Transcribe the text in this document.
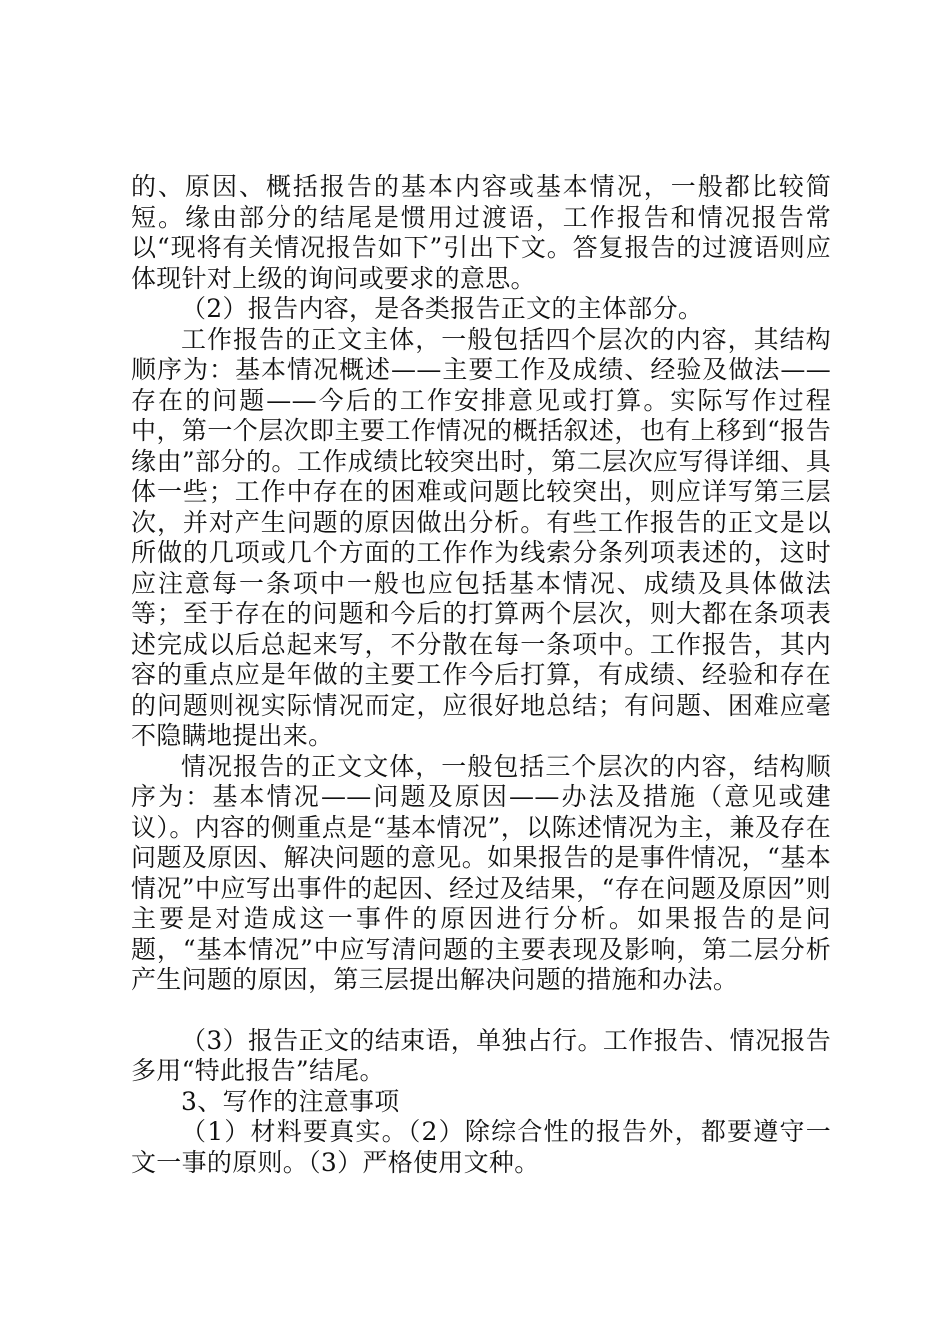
的、原因、概括报告的基本内容或基本情况，一般都比较简短。缘由部分的结尾是惯用过渡语，工作报告和情况报告常以“现将有关情况报告如下”引出下文。答复报告的过渡语则应体现针对上级的询问或要求的意思。

（2）报告内容，是各类报告正文的主体部分。

工作报告的正文主体，一般包括四个层次的内容，其结构顺序为：基本情况概述——主要工作及成绩、经验及做法——存在的问题——今后的工作安排意见或打算。实际写作过程中，第一个层次即主要工作情况的概括叙述，也有上移到“报告缘由”部分的。工作成绩比较突出时，第二层次应写得详细、具体一些；工作中存在的困难或问题比较突出，则应详写第三层次，并对产生问题的原因做出分析。有些工作报告的正文是以所做的几项或几个方面的工作作为线索分条列项表述的，这时应注意每一条项中一般也应包括基本情况、成绩及具体做法等；至于存在的问题和今后的打算两个层次，则大都在条项表述完成以后总起来写，不分散在每一条项中。工作报告，其内容的重点应是年做的主要工作今后打算，有成绩、经验和存在的问题则视实际情况而定，应很好地总结；有问题、困难应毫不隐瞒地提出来。

情况报告的正文文体，一般包括三个层次的内容，结构顺序为：基本情况——问题及原因——办法及措施（意见或建议）。内容的侧重点是“基本情况”，以陈述情况为主，兼及存在问题及原因、解决问题的意见。如果报告的是事件情况，“基本情况”中应写出事件的起因、经过及结果，“存在问题及原因”则主要是对造成这一事件的原因进行分析。如果报告的是问题，“基本情况”中应写清问题的主要表现及影响，第二层分析产生问题的原因，第三层提出解决问题的措施和办法。

（3）报告正文的结束语，单独占行。工作报告、情况报告多用“特此报告”结尾。

3、写作的注意事项

（1）材料要真实。（2）除综合性的报告外，都要遵守一文一事的原则。（3）严格使用文种。
